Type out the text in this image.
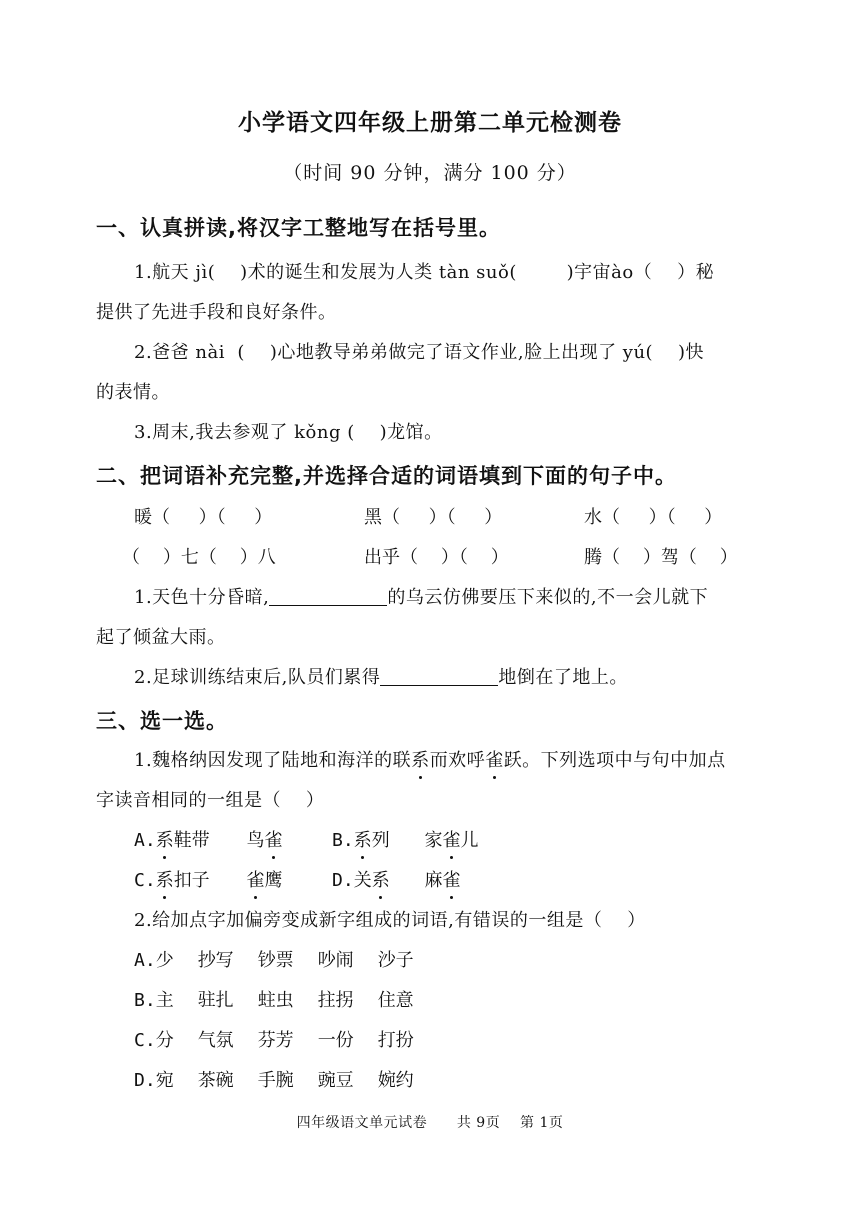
小学语文四年级上册第二单元检测卷
（时间 90 分钟，满分 100 分）
一、认真拼读,将汉字工整地写在括号里。
1.航天 jì(    )术的诞生和发展为人类 tàn suǒ(        )宇宙ào（    ）秘
提供了先进手段和良好条件。
2.爸爸 nài  (    )心地教导弟弟做完了语文作业,脸上出现了 yú(    )快
的表情。
3.周末,我去参观了 kǒng (    )龙馆。
二、把词语补充完整,并选择合适的词语填到下面的句子中。
暖（     ）（     ）	黑（     ）（     ）	水（     ）（     ）
（    ）七（    ）八	出乎（    ）（    ）	腾（    ）驾（    ）
1.天色十分昏暗,	的乌云仿佛要压下来似的,不一会儿就下
起了倾盆大雨。
2.足球训练结束后,队员们累得	地倒在了地上。
三、选一选。
1.魏格纳因发现了陆地和海洋的联系而欢呼雀跃。下列选项中与句中加点
字读音相同的一组是（    ）
A.系鞋带 鸟雀	B.系列 家雀儿
C.系扣子 雀鹰	D.关系 麻雀
2.给加点字加偏旁变成新字组成的词语,有错误的一组是（    ）
A.少 抄写 钞票 吵闹 沙子
B.主 驻扎 蛀虫 拄拐 住意
C.分 气氛 芬芳 一份 打扮
D.宛 茶碗 手腕 豌豆 婉约
四年级语文单元试卷      共 9页    第 1页
